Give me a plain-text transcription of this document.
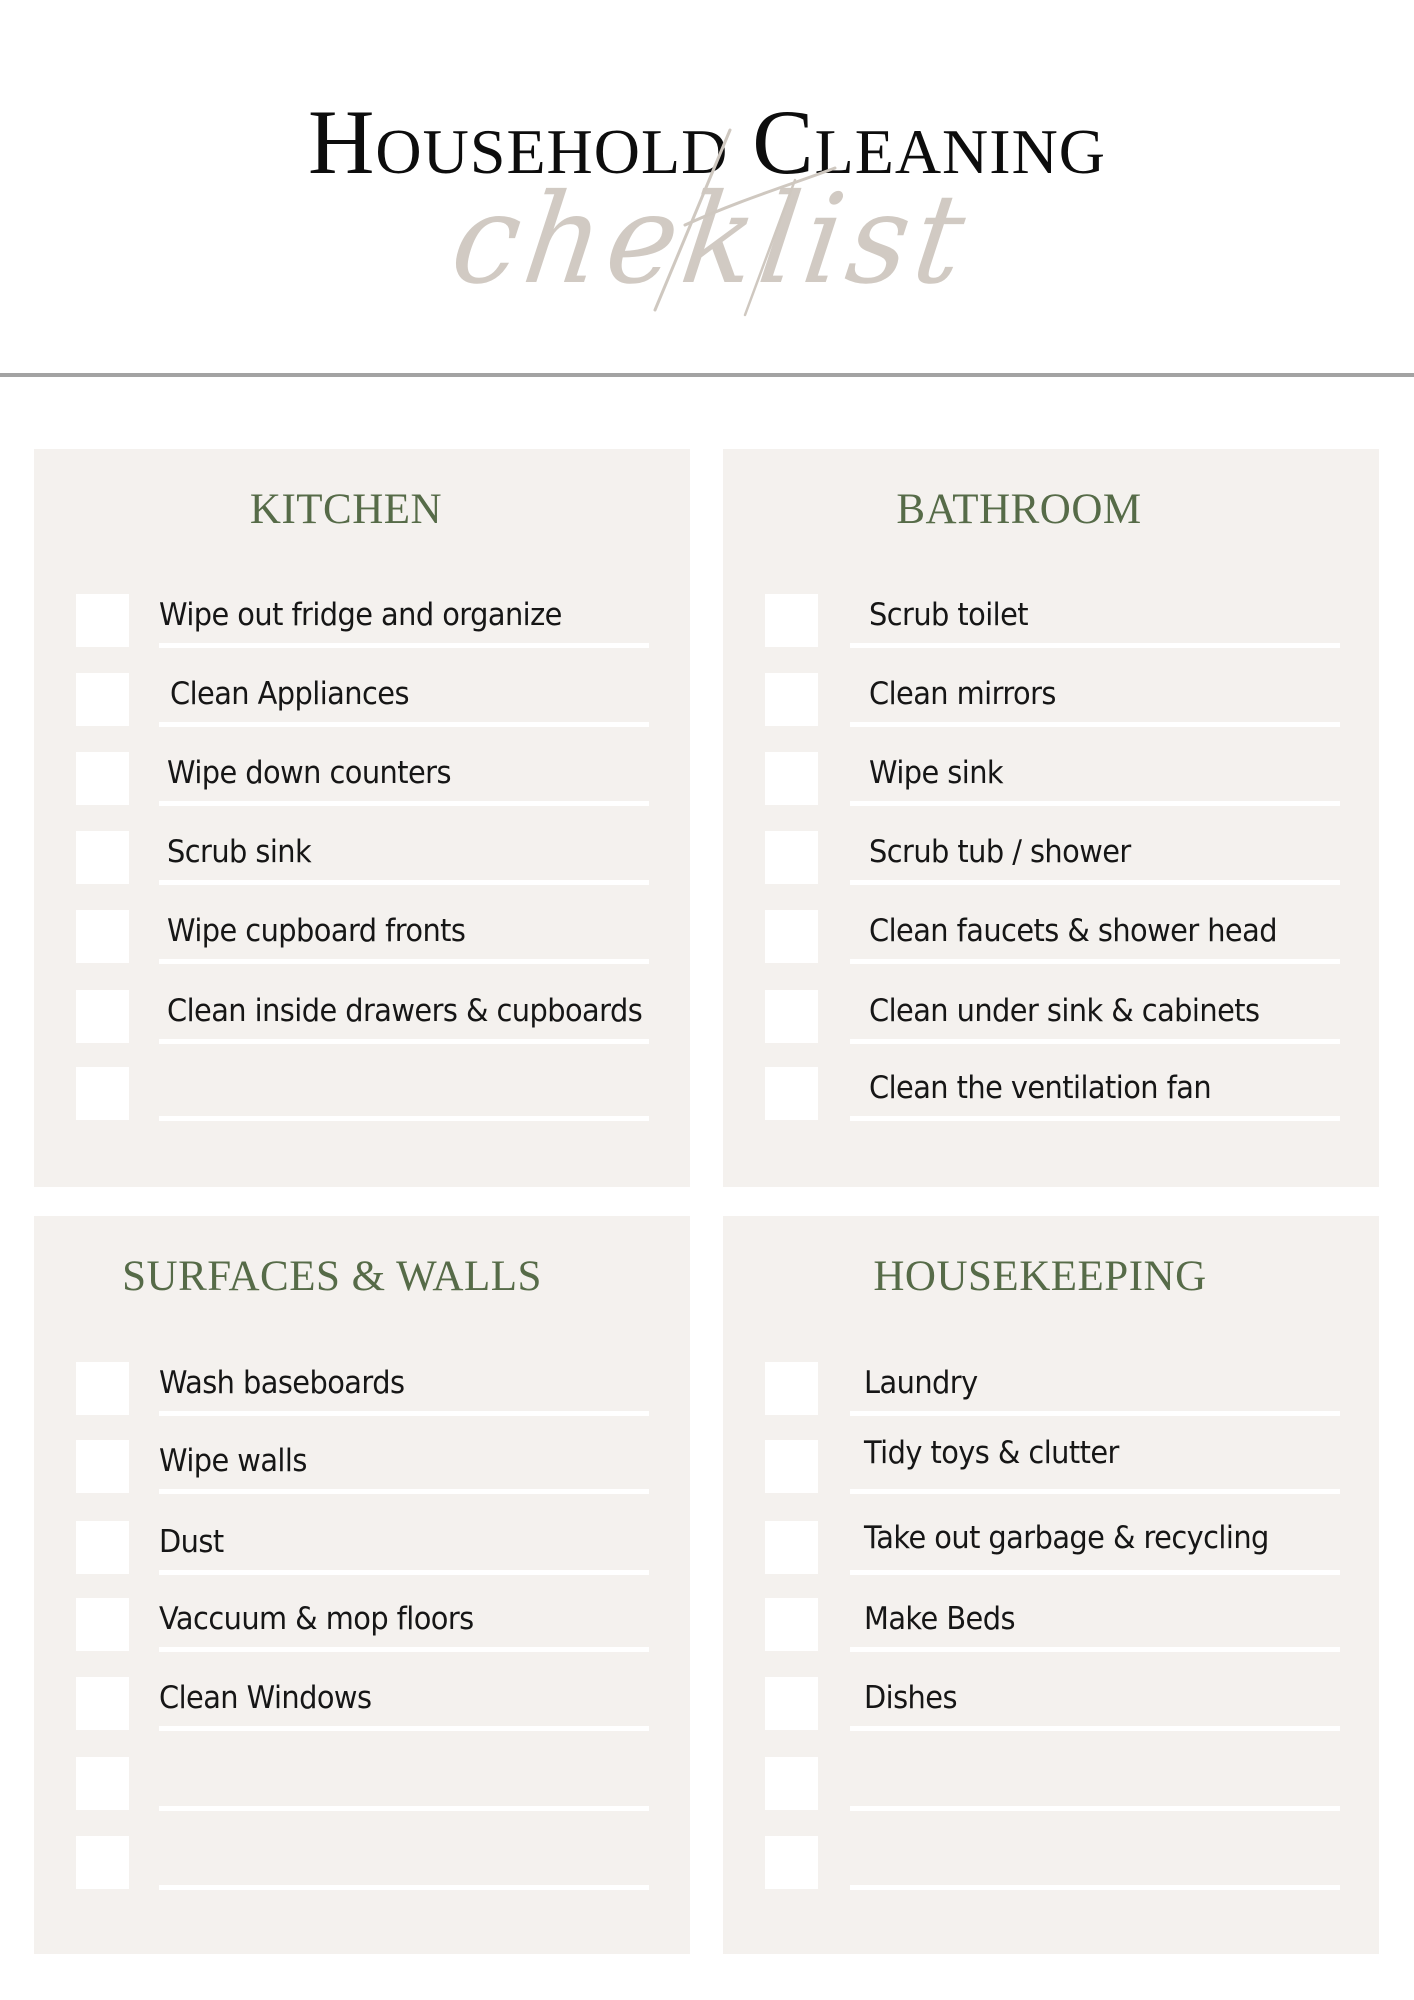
Household Cleaning
cheklist
KITCHEN
Wipe out fridge and organize
Clean Appliances
Wipe down counters
Scrub sink
Wipe cupboard fronts
Clean inside drawers & cupboards
BATHROOM
Scrub toilet
Clean mirrors
Wipe sink
Scrub tub / shower
Clean faucets & shower head
Clean under sink & cabinets
Clean the ventilation fan
SURFACES & WALLS
Wash baseboards
Wipe walls
Dust
Vaccuum & mop floors
Clean Windows
HOUSEKEEPING
Laundry
Tidy toys & clutter
Take out garbage & recycling
Make Beds
Dishes
